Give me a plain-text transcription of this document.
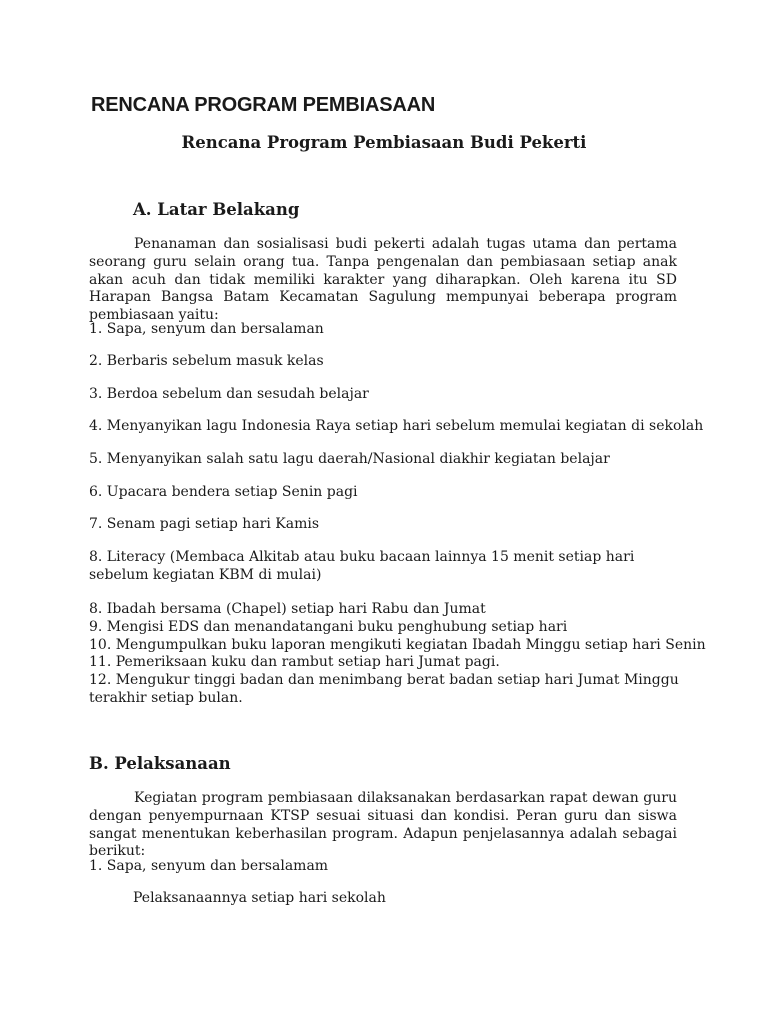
RENCANA PROGRAM PEMBIASAAN
Rencana Program Pembiasaan Budi Pekerti
A. Latar Belakang
Penanaman dan sosialisasi budi pekerti adalah tugas utama dan pertama seorang guru selain orang tua. Tanpa pengenalan dan pembiasaan setiap anak akan acuh dan tidak memiliki karakter yang diharapkan. Oleh karena itu SD Harapan Bangsa Batam Kecamatan Sagulung mempunyai beberapa program pembiasaan yaitu:
1. Sapa, senyum dan bersalaman
2. Berbaris sebelum masuk kelas
3. Berdoa sebelum dan sesudah belajar
4. Menyanyikan lagu Indonesia Raya setiap hari sebelum memulai kegiatan di sekolah
5. Menyanyikan salah satu lagu daerah/Nasional diakhir kegiatan belajar
6. Upacara bendera setiap Senin pagi
7. Senam pagi setiap hari Kamis
8. Literacy (Membaca Alkitab atau buku bacaan lainnya 15 menit setiap hari sebelum kegiatan KBM di mulai)
8. Ibadah bersama (Chapel) setiap hari Rabu dan Jumat
9. Mengisi EDS dan menandatangani buku penghubung setiap hari
10. Mengumpulkan buku laporan mengikuti kegiatan Ibadah Minggu setiap hari Senin
11. Pemeriksaan kuku dan rambut setiap hari Jumat pagi.
12. Mengukur tinggi badan dan menimbang berat badan setiap hari Jumat Minggu terakhir setiap bulan.
B. Pelaksanaan
Kegiatan program pembiasaan dilaksanakan berdasarkan rapat dewan guru dengan penyempurnaan KTSP sesuai situasi dan kondisi. Peran guru dan siswa sangat menentukan keberhasilan program. Adapun penjelasannya adalah sebagai berikut:
1. Sapa, senyum dan bersalamam
Pelaksanaannya setiap hari sekolah
